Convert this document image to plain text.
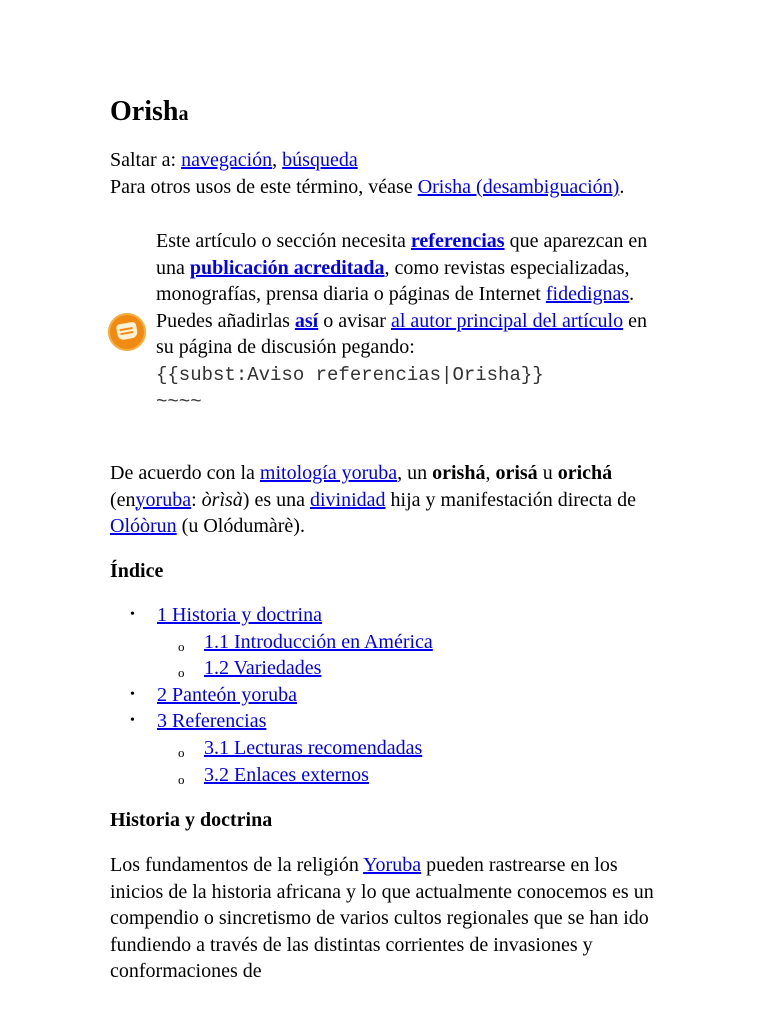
Orisha
Saltar a: navegación, búsqueda
Para otros usos de este término, véase Orisha (desambiguación).
Este artículo o sección necesita referencias que aparezcan en una publicación acreditada, como revistas especializadas, monografías, prensa diaria o páginas de Internet fidedignas.
Puedes añadirlas así o avisar al autor principal del artículo en su página de discusión pegando:
{{subst:Aviso referencias|Orisha}}
~~~~
De acuerdo con la mitología yoruba, un orishá, orisá u orichá (enyoruba: òrìsà) es una divinidad hija y manifestación directa de Olóòrun (u Olódumàrè).
Índice
• 1 Historia y doctrina
o 1.1 Introducción en América
o 1.2 Variedades
• 2 Panteón yoruba
• 3 Referencias
o 3.1 Lecturas recomendadas
o 3.2 Enlaces externos
Historia y doctrina
Los fundamentos de la religión Yoruba pueden rastrearse en los inicios de la historia africana y lo que actualmente conocemos es un compendio o sincretismo de varios cultos regionales que se han ido fundiendo a través de las distintas corrientes de invasiones y conformaciones de
